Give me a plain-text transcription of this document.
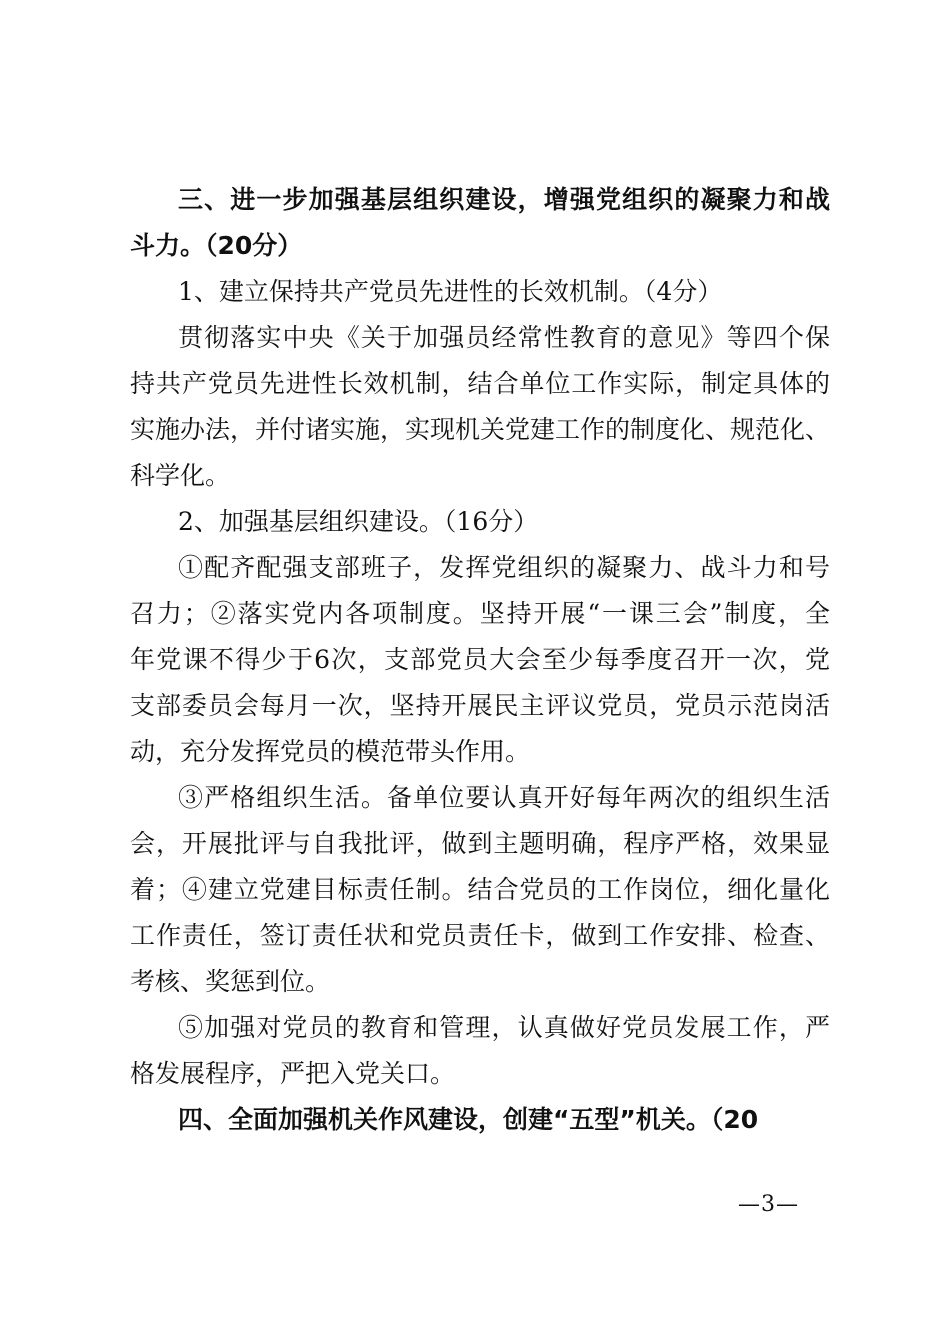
三、进一步加强基层组织建设，增强党组织的凝聚力和战
斗力。（20分）
1、建立保持共产党员先进性的长效机制。（4分）
贯彻落实中央《关于加强员经常性教育的意见》等四个保
持共产党员先进性长效机制，结合单位工作实际，制定具体的
实施办法，并付诸实施，实现机关党建工作的制度化、规范化、
科学化。
2、加强基层组织建设。（16分）
①配齐配强支部班子，发挥党组织的凝聚力、战斗力和号
召力；②落实党内各项制度。坚持开展“一课三会”制度，全
年党课不得少于6次，支部党员大会至少每季度召开一次，党
支部委员会每月一次，坚持开展民主评议党员，党员示范岗活
动，充分发挥党员的模范带头作用。
③严格组织生活。备单位要认真开好每年两次的组织生活
会，开展批评与自我批评，做到主题明确，程序严格，效果显
着；④建立党建目标责任制。结合党员的工作岗位，细化量化
工作责任，签订责任状和党员责任卡，做到工作安排、检查、
考核、奖惩到位。
⑤加强对党员的教育和管理，认真做好党员发展工作，严
格发展程序，严把入党关口。
四、全面加强机关作风建设，创建“五型”机关。（20
—3—
